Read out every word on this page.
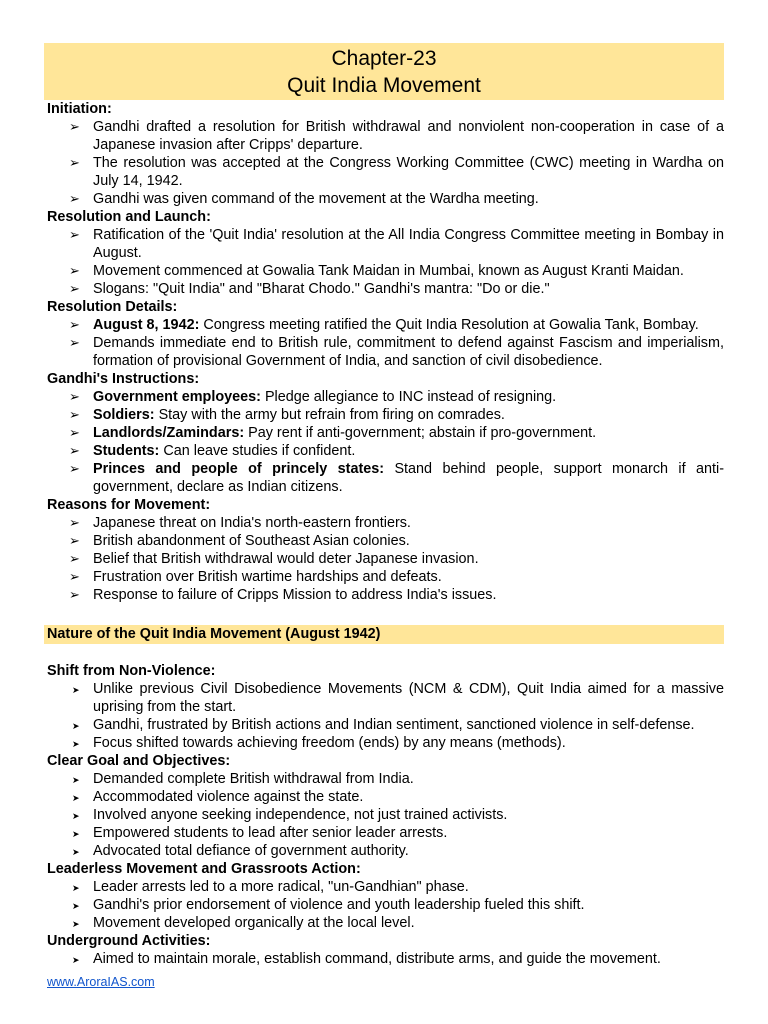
Chapter-23
Quit India Movement
Initiation:
➢ Gandhi drafted a resolution for British withdrawal and nonviolent non-cooperation in case of a Japanese invasion after Cripps' departure.
➢ The resolution was accepted at the Congress Working Committee (CWC) meeting in Wardha on July 14, 1942.
➢ Gandhi was given command of the movement at the Wardha meeting.
Resolution and Launch:
➢ Ratification of the 'Quit India' resolution at the All India Congress Committee meeting in Bombay in August.
➢ Movement commenced at Gowalia Tank Maidan in Mumbai, known as August Kranti Maidan.
➢ Slogans: "Quit India" and "Bharat Chodo." Gandhi's mantra: "Do or die."
Resolution Details:
➢ August 8, 1942: Congress meeting ratified the Quit India Resolution at Gowalia Tank, Bombay.
➢ Demands immediate end to British rule, commitment to defend against Fascism and imperialism, formation of provisional Government of India, and sanction of civil disobedience.
Gandhi's Instructions:
➢ Government employees: Pledge allegiance to INC instead of resigning.
➢ Soldiers: Stay with the army but refrain from firing on comrades.
➢ Landlords/Zamindars: Pay rent if anti-government; abstain if pro-government.
➢ Students: Can leave studies if confident.
➢ Princes and people of princely states: Stand behind people, support monarch if anti-government, declare as Indian citizens.
Reasons for Movement:
➢ Japanese threat on India's north-eastern frontiers.
➢ British abandonment of Southeast Asian colonies.
➢ Belief that British withdrawal would deter Japanese invasion.
➢ Frustration over British wartime hardships and defeats.
➢ Response to failure of Cripps Mission to address India's issues.
Nature of the Quit India Movement (August 1942)
Shift from Non-Violence:
➤ Unlike previous Civil Disobedience Movements (NCM & CDM), Quit India aimed for a massive uprising from the start.
➤ Gandhi, frustrated by British actions and Indian sentiment, sanctioned violence in self-defense.
➤ Focus shifted towards achieving freedom (ends) by any means (methods).
Clear Goal and Objectives:
➤ Demanded complete British withdrawal from India.
➤ Accommodated violence against the state.
➤ Involved anyone seeking independence, not just trained activists.
➤ Empowered students to lead after senior leader arrests.
➤ Advocated total defiance of government authority.
Leaderless Movement and Grassroots Action:
➤ Leader arrests led to a more radical, "un-Gandhian" phase.
➤ Gandhi's prior endorsement of violence and youth leadership fueled this shift.
➤ Movement developed organically at the local level.
Underground Activities:
➤ Aimed to maintain morale, establish command, distribute arms, and guide the movement.
www.AroraIAS.com
